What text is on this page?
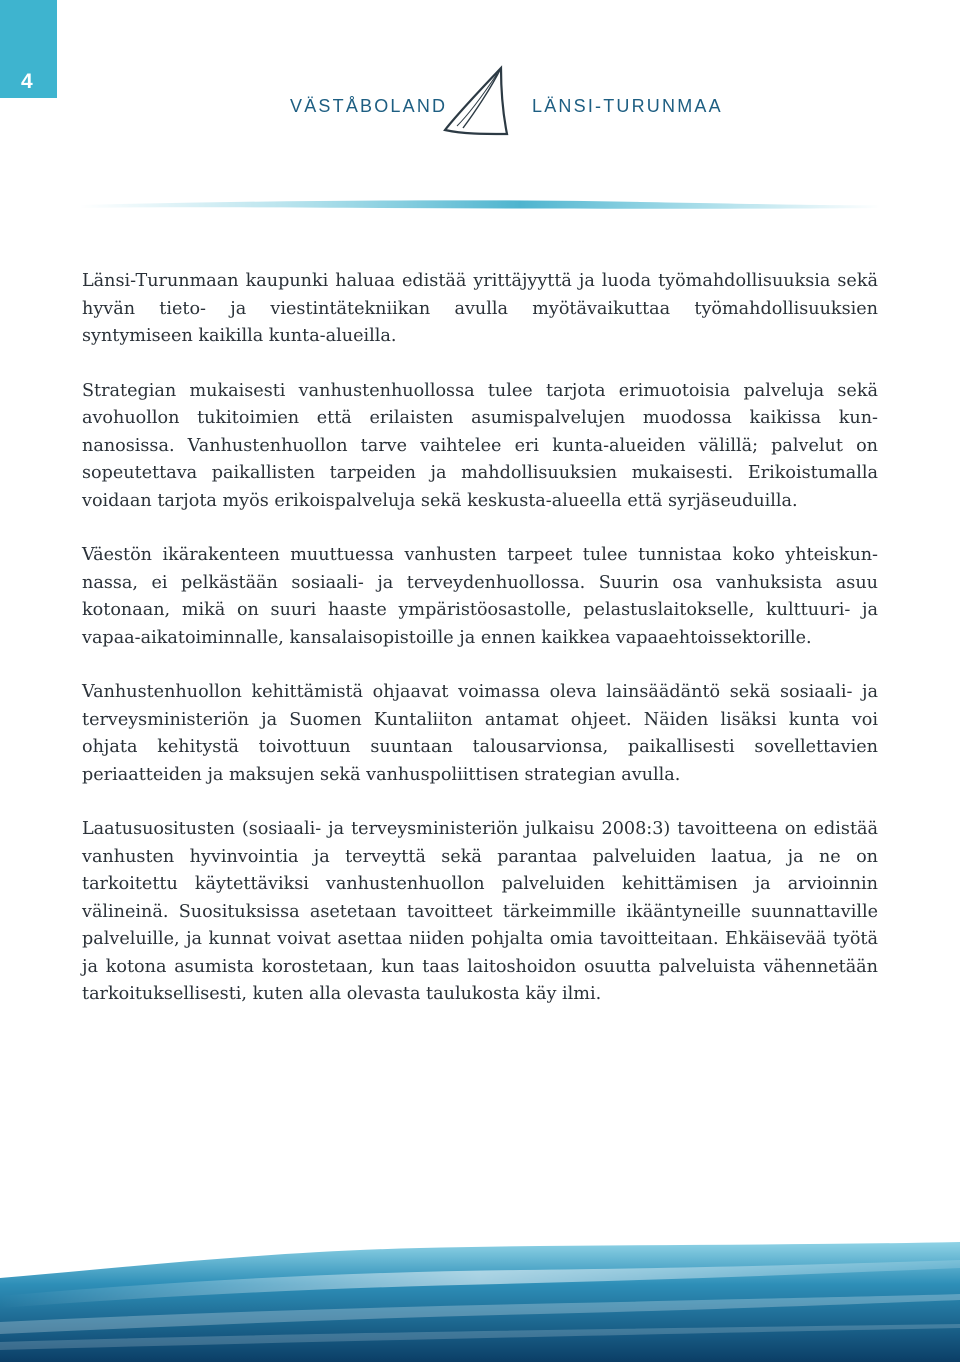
4
VÄSTÅBOLAND	LÄNSI-TURUNMAA

Länsi-Turunmaan kaupunki haluaa edistää yrittäjyyttä ja luoda työmahdollisuuksia sekä hyvän tieto- ja viestintätekniikan avulla myötävaikuttaa työmahdollisuuksien syntymiseen kaikilla kunta-alueilla.

Strategian mukaisesti vanhustenhuollossa tulee tarjota erimuotoisia palveluja sekä avohuollon tukitoimien että erilaisten asumispalvelujen muodossa kaikissa kunnanosissa. Vanhustenhuollon tarve vaihtelee eri kunta-alueiden välillä; palvelut on sopeutettava paikallisten tarpeiden ja mahdollisuuksien mukaisesti. Erikoistumalla voidaan tarjota myös erikoispalveluja sekä keskusta-alueella että syrjäseuduilla.

Väestön ikärakenteen muuttuessa vanhusten tarpeet tulee tunnistaa koko yhteiskunnassa, ei pelkästään sosiaali- ja terveydenhuollossa. Suurin osa vanhuksista asuu kotonaan, mikä on suuri haaste ympäristöosastolle, pelastuslaitokselle, kulttuuri- ja vapaa-aikatoiminnalle, kansalaisopistoille ja ennen kaikkea vapaaehtoissektorille.

Vanhustenhuollon kehittämistä ohjaavat voimassa oleva lainsäädäntö sekä sosiaali- ja terveysministeriön ja Suomen Kuntaliiton antamat ohjeet. Näiden lisäksi kunta voi ohjata kehitystä toivottuun suuntaan talousarvionsa, paikallisesti sovellettavien periaatteiden ja maksujen sekä vanhuspoliittisen strategian avulla.

Laatusuositusten (sosiaali- ja terveysministeriön julkaisu 2008:3) tavoitteena on edistää vanhusten hyvinvointia ja terveyttä sekä parantaa palveluiden laatua, ja ne on tarkoitettu käytettäviksi vanhustenhuollon palveluiden kehittämisen ja arvioinnin välineinä. Suosituksissa asetetaan tavoitteet tärkeimmille ikääntyneille suunnattaville palveluille, ja kunnat voivat asettaa niiden pohjalta omia tavoitteitaan. Ehkäisevää työtä ja kotona asumista korostetaan, kun taas laitoshoidon osuutta palveluista vähennetään tarkoituksellisesti, kuten alla olevasta taulukosta käy ilmi.
